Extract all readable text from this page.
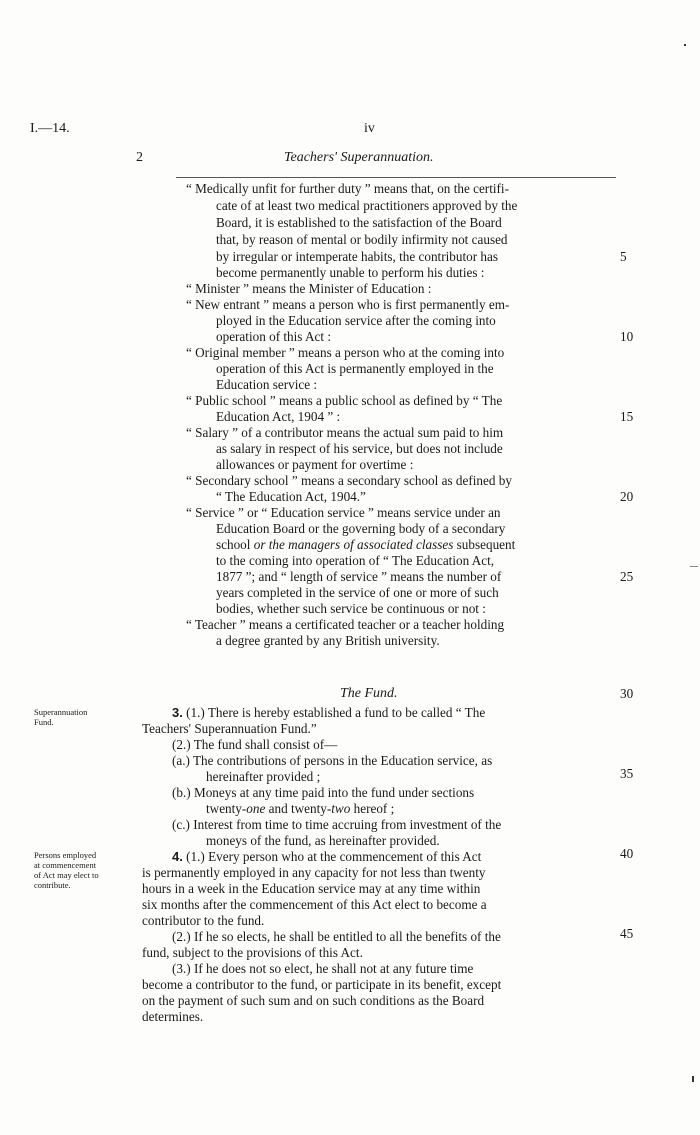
I.—14.	iv
2	Teachers' Superannuation.
“ Medically unfit for further duty ” means that, on the certifi-
cate of at least two medical practitioners approved by the
Board, it is established to the satisfaction of the Board
that, by reason of mental or bodily infirmity not caused
by irregular or intemperate habits, the contributor has
become permanently unable to perform his duties :
“ Minister ” means the Minister of Education :
“ New entrant ” means a person who is first permanently em-
ployed in the Education service after the coming into
operation of this Act :
“ Original member ” means a person who at the coming into
operation of this Act is permanently employed in the
Education service :
“ Public school ” means a public school as defined by “ The
Education Act, 1904 ” :
“ Salary ” of a contributor means the actual sum paid to him
as salary in respect of his service, but does not include
allowances or payment for overtime :
“ Secondary school ” means a secondary school as defined by
“ The Education Act, 1904.”
“ Service ” or “ Education service ” means service under an
Education Board or the governing body of a secondary
school or the managers of associated classes subsequent
to the coming into operation of “ The Education Act,
1877 ”; and “ length of service ” means the number of
years completed in the service of one or more of such
bodies, whether such service be continuous or not :
“ Teacher ” means a certificated teacher or a teacher holding
a degree granted by any British university.
5
10
15
20
25
30
35
40
45
The Fund.
Superannuation
Fund.
Persons employed
at commencement
of Act may elect to
contribute.
3. (1.) There is hereby established a fund to be called “ The
Teachers' Superannuation Fund.”
(2.) The fund shall consist of—
(a.) The contributions of persons in the Education service, as
hereinafter provided ;
(b.) Moneys at any time paid into the fund under sections
twenty-one and twenty-two hereof ;
(c.) Interest from time to time accruing from investment of the
moneys of the fund, as hereinafter provided.
4. (1.) Every person who at the commencement of this Act
is permanently employed in any capacity for not less than twenty
hours in a week in the Education service may at any time within
six months after the commencement of this Act elect to become a
contributor to the fund.
(2.) If he so elects, he shall be entitled to all the benefits of the
fund, subject to the provisions of this Act.
(3.) If he does not so elect, he shall not at any future time
become a contributor to the fund, or participate in its benefit, except
on the payment of such sum and on such conditions as the Board
determines.
